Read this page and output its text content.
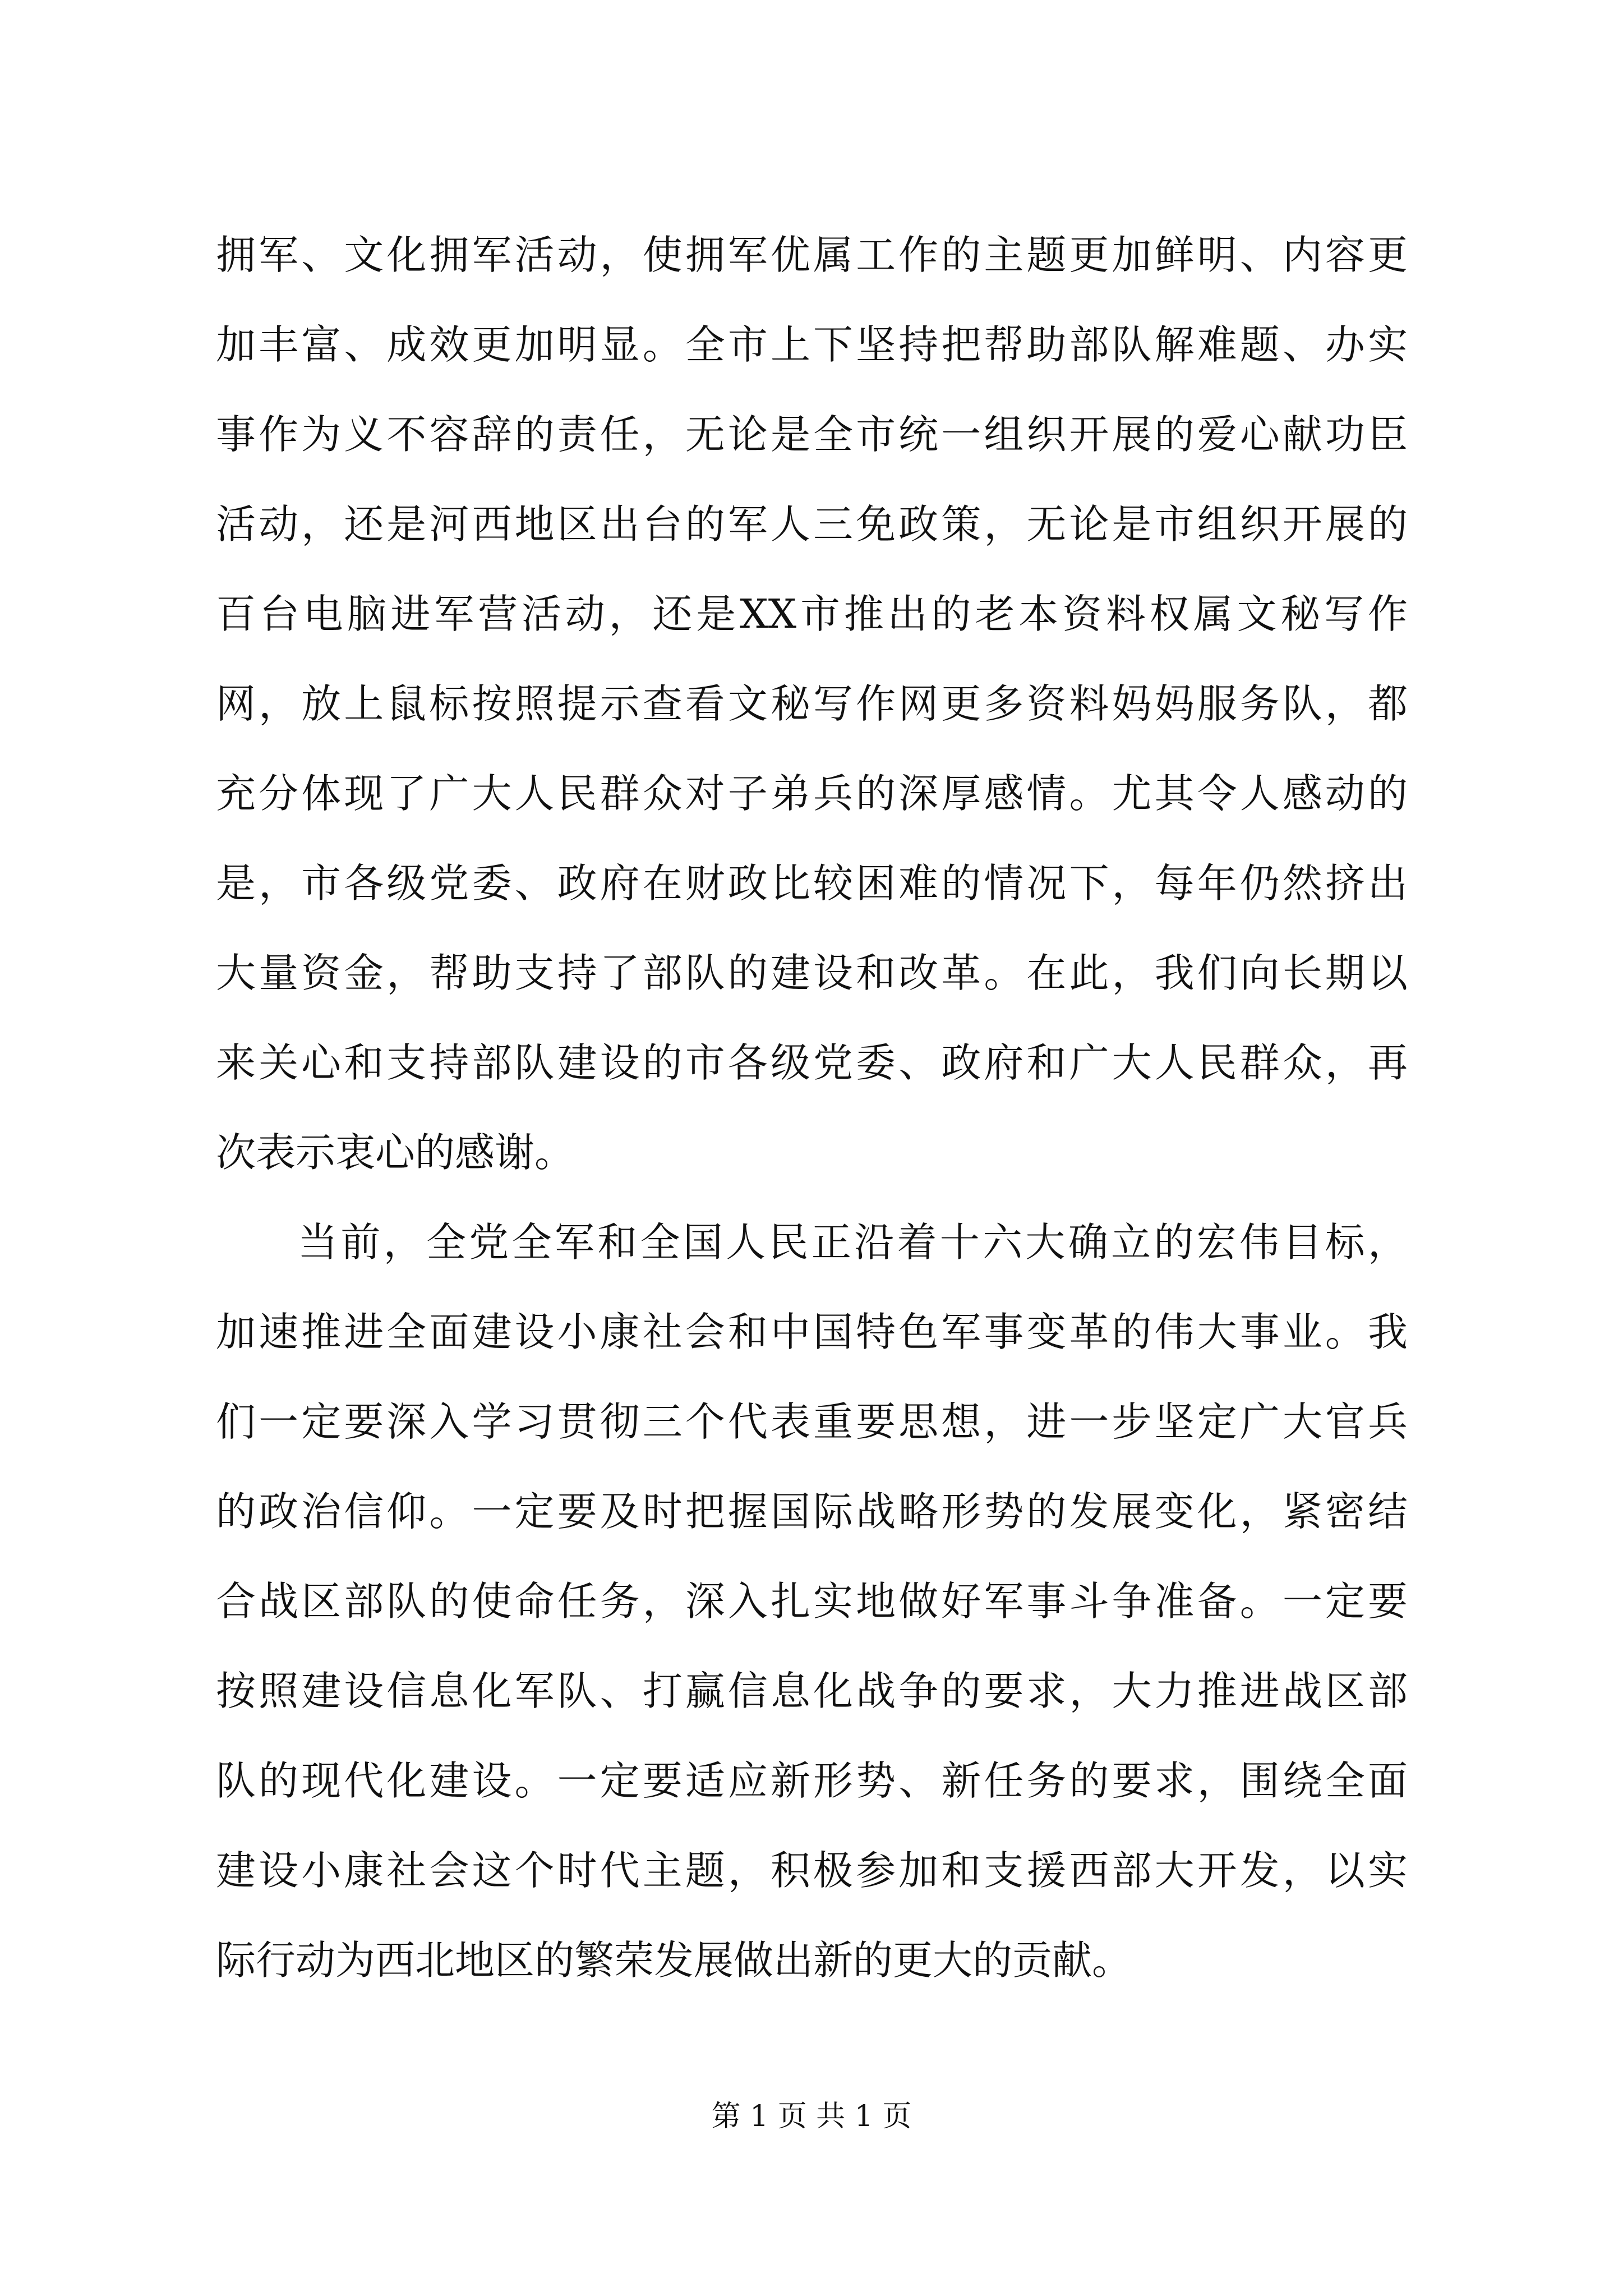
拥军、文化拥军活动，使拥军优属工作的主题更加鲜明、内容更
加丰富、成效更加明显。全市上下坚持把帮助部队解难题、办实
事作为义不容辞的责任，无论是全市统一组织开展的爱心献功臣
活动，还是河西地区出台的军人三免政策，无论是市组织开展的
百台电脑进军营活动，还是XX市推出的老本资料权属文秘写作
网，放上鼠标按照提示查看文秘写作网更多资料妈妈服务队，都
充分体现了广大人民群众对子弟兵的深厚感情。尤其令人感动的
是，市各级党委、政府在财政比较困难的情况下，每年仍然挤出
大量资金，帮助支持了部队的建设和改革。在此，我们向长期以
来关心和支持部队建设的市各级党委、政府和广大人民群众，再
次表示衷心的感谢。
当前，全党全军和全国人民正沿着十六大确立的宏伟目标，
加速推进全面建设小康社会和中国特色军事变革的伟大事业。我
们一定要深入学习贯彻三个代表重要思想，进一步坚定广大官兵
的政治信仰。一定要及时把握国际战略形势的发展变化，紧密结
合战区部队的使命任务，深入扎实地做好军事斗争准备。一定要
按照建设信息化军队、打赢信息化战争的要求，大力推进战区部
队的现代化建设。一定要适应新形势、新任务的要求，围绕全面
建设小康社会这个时代主题，积极参加和支援西部大开发，以实
际行动为西北地区的繁荣发展做出新的更大的贡献。
第 1 页 共 1 页
